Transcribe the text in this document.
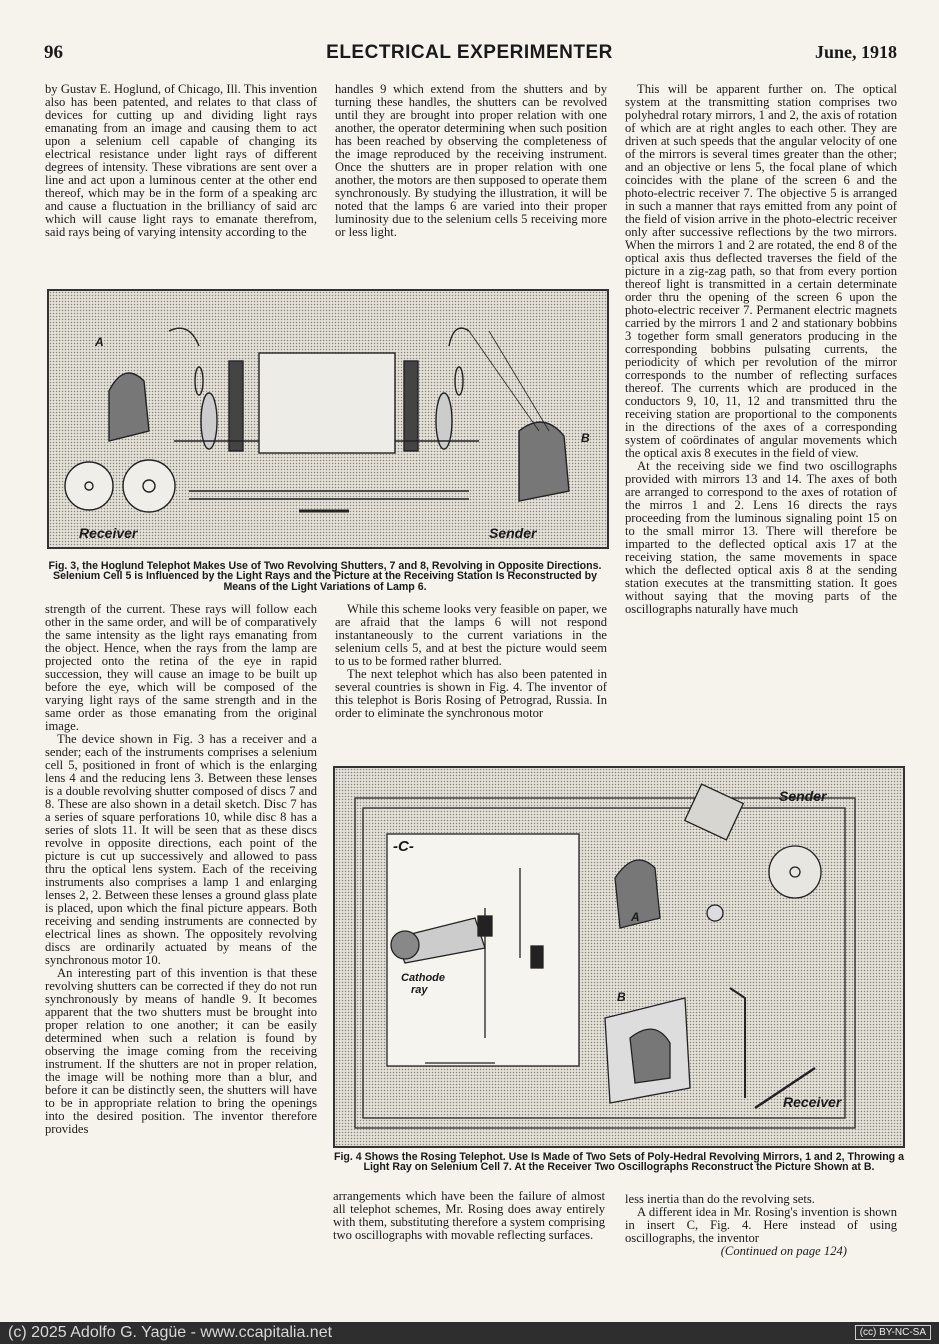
96	ELECTRICAL EXPERIMENTER	June, 1918

by Gustav E. Hoglund, of Chicago, Ill. This invention also has been patented, and relates to that class of devices for cutting up and dividing light rays emanating from an image and causing them to act upon a selenium cell capable of changing its electrical resistance under light rays of different degrees of intensity. These vibrations are sent over a line and act upon a luminous center at the other end thereof, which may be in the form of a speaking arc and cause a fluctuation in the brilliancy of said arc which will cause light rays to emanate therefrom, said rays being of varying intensity according to the

handles 9 which extend from the shutters and by turning these handles, the shutters can be revolved until they are brought into proper relation with one another, the operator determining when such position has been reached by observing the completeness of the image reproduced by the receiving instrument. Once the shutters are in proper relation with one another, the motors are then supposed to operate them synchronously. By studying the illustration, it will be noted that the lamps 6 are varied into their proper luminosity due to the selenium cells 5 receiving more or less light.

This will be apparent further on. The optical system at the transmitting station comprises two polyhedral rotary mirrors, 1 and 2, the axis of rotation of which are at right angles to each other. They are driven at such speeds that the angular velocity of one of the mirrors is several times greater than the other; and an objective or lens 5, the focal plane of which coincides with the plane of the screen 6 and the photo-electric receiver 7. The objective 5 is arranged in such a manner that rays emitted from any point of the field of vision arrive in the photo-electric receiver only after successive reflections by the two mirrors. When the mirrors 1 and 2 are rotated, the end 8 of the optical axis thus deflected traverses the field of the picture in a zig-zag path, so that from every portion thereof light is transmitted in a certain determinate order thru the opening of the screen 6 upon the photo-electric receiver 7. Permanent electric magnets carried by the mirrors 1 and 2 and stationary bobbins 3 together form small generators producing in the corresponding bobbins pulsating currents, the periodicity of which per revolution of the mirror corresponds to the number of reflecting surfaces thereof. The currents which are produced in the conductors 9, 10, 11, 12 and transmitted thru the receiving station are proportional to the components in the directions of the axes of a corresponding system of coördinates of angular movements which the optical axis 8 executes in the field of view.

At the receiving side we find two oscillographs provided with mirrors 13 and 14. The axes of both are arranged to correspond to the axes of rotation of the mirros 1 and 2. Lens 16 directs the rays proceeding from the luminous signaling point 15 on to the small mirror 13. There will therefore be imparted to the deflected optical axis 17 at the receiving station, the same movements in space which the deflected optical axis 8 at the sending station executes at the transmitting station. It goes without saying that the moving parts of the oscillographs naturally have much

Receiver	Sender
A
B
Fig. 3, the Hoglund Telephot Makes Use of Two Revolving Shutters, 7 and 8, Revolving in Opposite Directions. Selenium Cell 5 is Influenced by the Light Rays and the Picture at the Receiving Station Is Reconstructed by Means of the Light Variations of Lamp 6.

strength of the current. These rays will follow each other in the same order, and will be of comparatively the same intensity as the light rays emanating from the object. Hence, when the rays from the lamp are projected onto the retina of the eye in rapid succession, they will cause an image to be built up before the eye, which will be composed of the varying light rays of the same strength and in the same order as those emanating from the original image.

The device shown in Fig. 3 has a receiver and a sender; each of the instruments comprises a selenium cell 5, positioned in front of which is the enlarging lens 4 and the reducing lens 3. Between these lenses is a double revolving shutter composed of discs 7 and 8. These are also shown in a detail sketch. Disc 7 has a series of square perforations 10, while disc 8 has a series of slots 11. It will be seen that as these discs revolve in opposite directions, each point of the picture is cut up successively and allowed to pass thru the optical lens system. Each of the receiving instruments also comprises a lamp 1 and enlarging lenses 2, 2. Between these lenses a ground glass plate is placed, upon which the final picture appears. Both receiving and sending instruments are connected by electrical lines as shown. The oppositely revolving discs are ordinarily actuated by means of the synchronous motor 10.

An interesting part of this invention is that these revolving shutters can be corrected if they do not run synchronously by means of handle 9. It becomes apparent that the two shutters must be brought into proper relation to one another; it can be easily determined when such a relation is found by observing the image coming from the receiving instrument. If the shutters are not in proper relation, the image will be nothing more than a blur, and before it can be distinctly seen, the shutters will have to be in appropriate relation to bring the openings into the desired position. The inventor therefore provides

While this scheme looks very feasible on paper, we are afraid that the lamps 6 will not respond instantaneously to the current variations in the selenium cells 5, and at best the picture would seem to us to be formed rather blurred.

The next telephot which has also been patented in several countries is shown in Fig. 4. The inventor of this telephot is Boris Rosing of Petrograd, Russia. In order to eliminate the synchronous motor

Sender
Receiver
-C-
Cathode
ray
A
B
Fig. 4 Shows the Rosing Telephot. Use Is Made of Two Sets of Poly-Hedral Revolving Mirrors, 1 and 2, Throwing a Light Ray on Selenium Cell 7. At the Receiver Two Oscillographs Reconstruct the Picture Shown at B.

arrangements which have been the failure of almost all telephot schemes, Mr. Rosing does away entirely with them, substituting therefore a system comprising two oscillographs with movable reflecting surfaces.

less inertia than do the revolving sets.

A different idea in Mr. Rosing's invention is shown in insert C, Fig. 4. Here instead of using oscillographs, the inventor

(Continued on page 124)
(c) 2025 Adolfo G. Yagüe - www.ccapitalia.net	(cc) BY-NC-SA
